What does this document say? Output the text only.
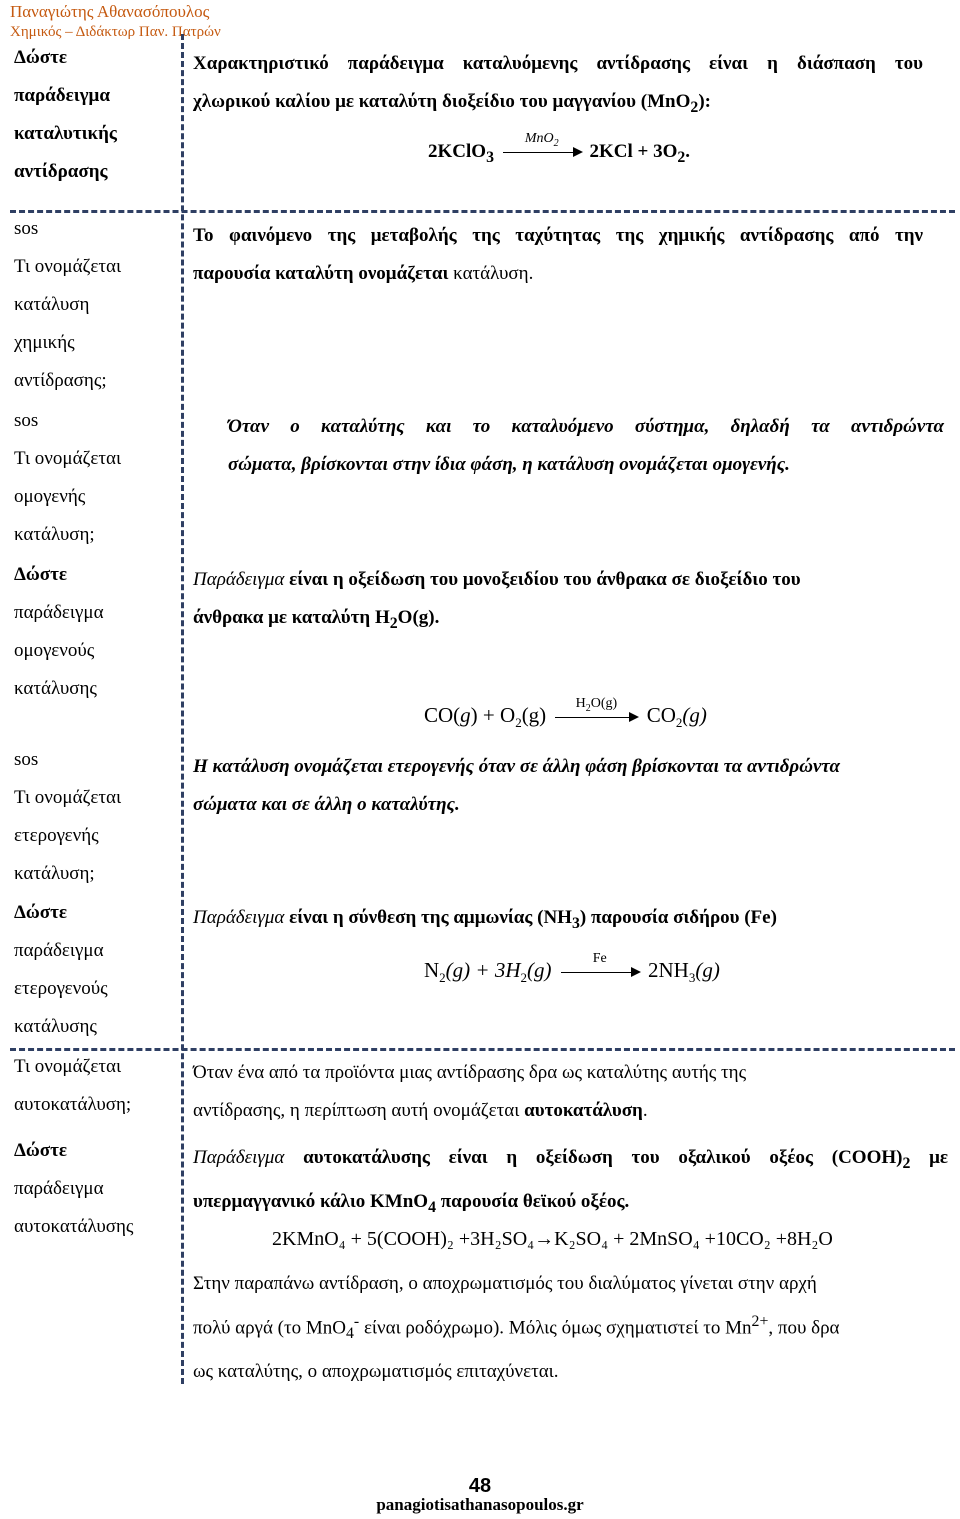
Παναγιώτης Αθανασόπουλος
Χημικός – Διδάκτωρ Παν. Πατρών
Δώστε
παράδειγμα
καταλυτικής
αντίδρασης
sos
Τι ονομάζεται
κατάλυση
χημικής
αντίδρασης;
sos
Τι ονομάζεται
ομογενής
κατάλυση;
Δώστε
παράδειγμα
ομογενούς
κατάλυσης
sos
Τι ονομάζεται
ετερογενής
κατάλυση;
Δώστε
παράδειγμα
ετερογενούς
κατάλυσης
Τι ονομάζεται
αυτοκατάλυση;
Δώστε
παράδειγμα
αυτοκατάλυσης
Χαρακτηριστικό παράδειγμα καταλυόμενης αντίδρασης είναι η διάσπαση του
χλωρικού καλίου με καταλύτη διοξείδιο του μαγγανίου (MnO$_2$):
2KClO$_3$
MnO$_2$	$2KCl + 3O_2$.
Το φαινόμενο της μεταβολής της ταχύτητας της χημικής αντίδρασης από την
παρουσία καταλύτη ονομάζεται κατάλυση.
Όταν ο καταλύτης και το καταλυόμενο σύστημα, δηλαδή τα αντιδρώντα
σώματα, βρίσκονται στην ίδια φάση, η κατάλυση ονομάζεται ομογενής.
Παράδειγμα είναι η οξείδωση του μονοξειδίου του άνθρακα σε διοξείδιο του
άνθρακα με καταλύτη $H_2O(g)$.
$CO(g) + O_2(g)$	$H_2O(g)$	$CO_2(g)$
Η κατάλυση ονομάζεται ετερογενής όταν σε άλλη φάση βρίσκονται τα αντιδρώντα
σώματα και σε άλλη ο καταλύτης.
Παράδειγμα είναι η σύνθεση της αμμωνίας $(NH_3)$ παρουσία σιδήρου (Fe)
$N_2(g) + 3H_2(g)$	Fe	$2NH_3(g)$
Όταν ένα από τα προϊόντα μιας αντίδρασης δρα ως καταλύτης αυτής της
αντίδρασης, η περίπτωση αυτή ονομάζεται αυτοκατάλυση.
Παράδειγμα αυτοκατάλυσης είναι η οξείδωση του οξαλικού οξέος $(COOH)_2$ με
υπερμαγγανικό κάλιο KMnO$_4$ παρουσία θεϊκού οξέος.
2KMnO₄ + 5(COOH)₂ +3H₂SO₄→K₂SO₄ + 2MnSO₄ +10CO₂ +8H₂O
Στην παραπάνω αντίδραση, ο αποχρωματισμός του διαλύματος γίνεται στην αρχή
πολύ αργά (το MnO$_4$- είναι ροδόχρωμο). Μόλις όμως σχηματιστεί το $Mn^{2+}$, που δρα
ως καταλύτης, ο αποχρωματισμός επιταχύνεται.
48
panagiotisathanasopoulos.gr
